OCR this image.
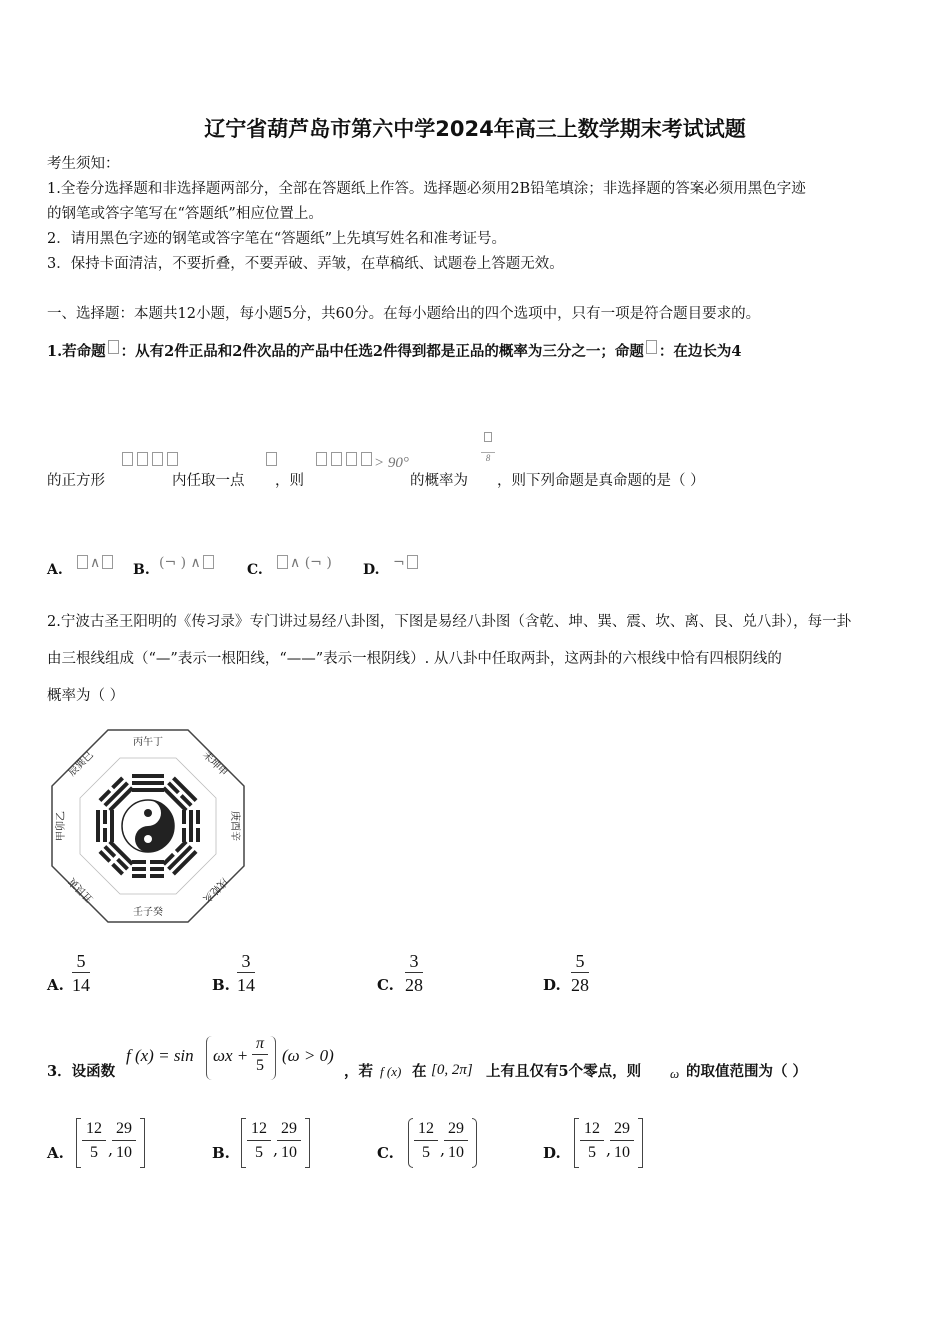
辽宁省葫芦岛市第六中学2024年高三上数学期末考试试题
考生须知：
1.全卷分选择题和非选择题两部分，全部在答题纸上作答。选择题必须用2B铅笔填涂；非选择题的答案必须用黑色字迹
的钢笔或答字笔写在“答题纸”相应位置上。
2．请用黑色字迹的钢笔或答字笔在“答题纸”上先填写姓名和准考证号。
3．保持卡面清洁，不要折叠，不要弄破、弄皱，在草稿纸、试题卷上答题无效。
一、选择题：本题共12小题，每小题5分，共60分。在每小题给出的四个选项中，只有一项是符合题目要求的。
1.若命题 ：从有2件正品和2件次品的产品中任选2件得到都是正品的概率为三分之一；命题 ：在边长为4
的正方形	内任取一点 ，则
> 90°
的概率为
8
，则下列命题是真命题的是（ ）
A.	∧	B. (¬ ) ∧	C.	∧ (¬ ) D. ¬
2.宁波古圣王阳明的《传习录》专门讲过易经八卦图，下图是易经八卦图（含乾、坤、巽、震、坎、离、艮、兑八卦），每一卦
由三根线组成（“—”表示一根阳线，“——”表示一根阴线）. 从八卦中任取两卦，这两卦的六根线中恰有四根阴线的
概率为（ ）
丙午丁
未坤申
庚酉辛
戌乾亥
壬子癸
丑艮寅
甲卯乙
辰巽巳
A. $\frac{5}{14}$	B. $\frac{3}{14}$	C. $\frac{3}{28}$	D. $\frac{5}{28}$
3．设函数
f $(x) = \sin \omega x + \frac{\pi}{5} (\omega > 0)$
，若 f (x) 在 [0, 2π] 上有且仅有5个零点，则 ω 的取值范围为（ ）
A. $\frac{12}{5}$ ,
$\frac{29}{10}$	B. $\frac{12}{5}$ ,
$\frac{29}{10}$	C. $\frac{12}{5}$ ,
$\frac{29}{10}$	D. $\frac{12}{5}$ ,
$\frac{29}{10}$
